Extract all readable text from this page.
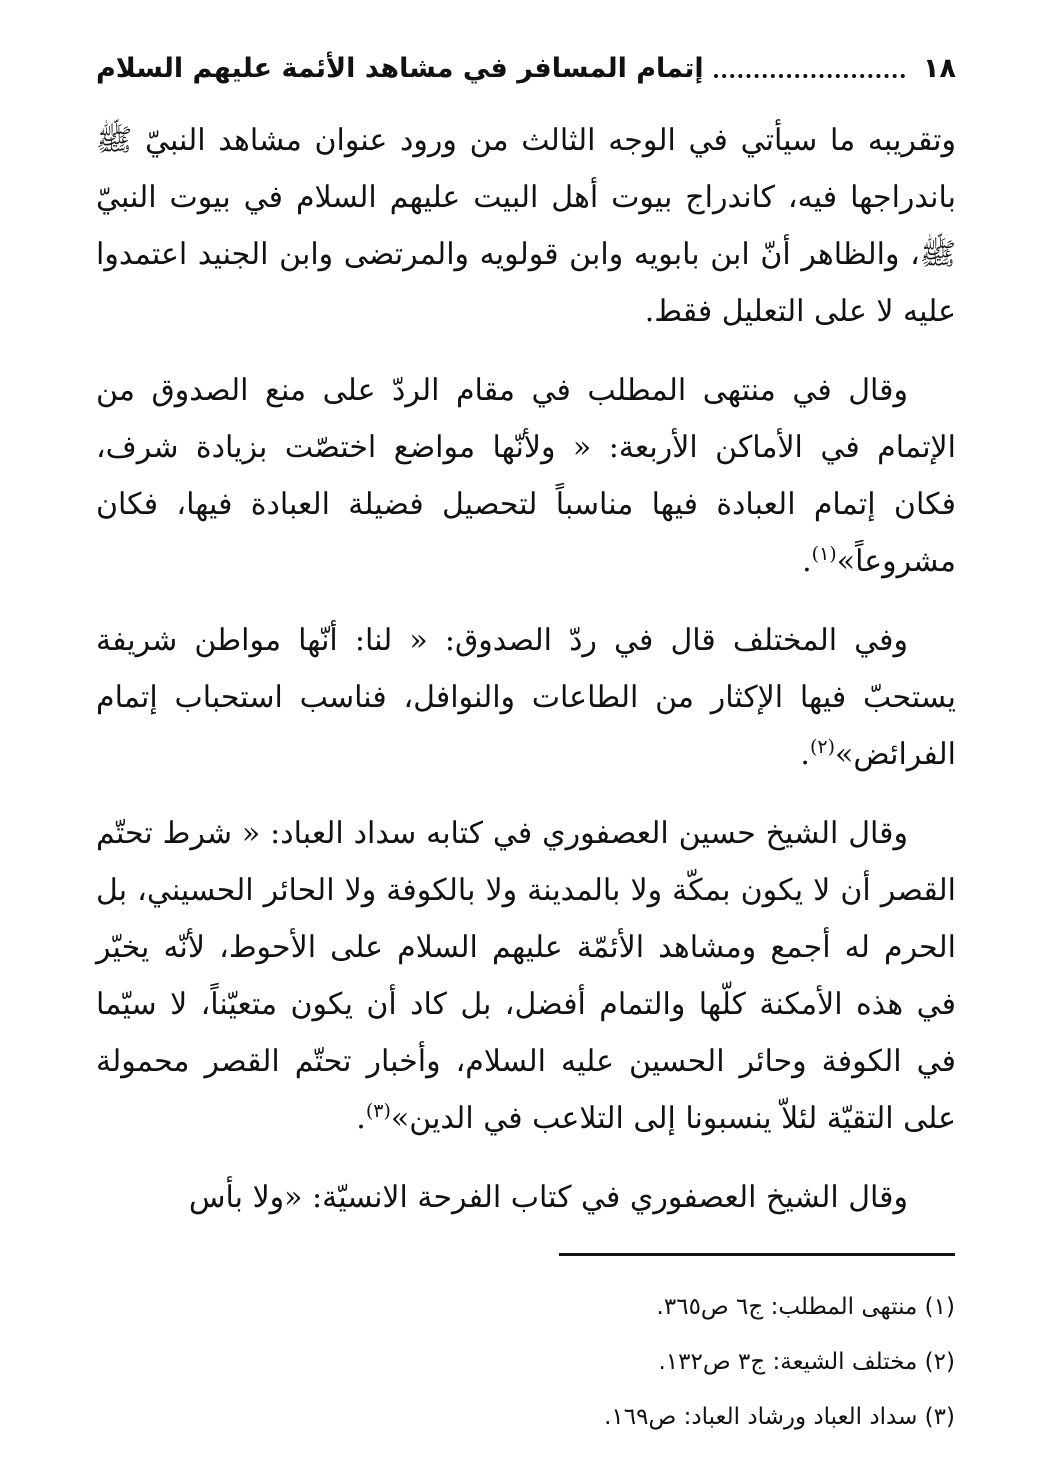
١٨
إتمام المسافر في مشاهد الأئمة عليهم السلام

وتقريبه ما سيأتي في الوجه الثالث من ورود عنوان مشاهد النبيّ ﷺ باندراجها فيه، كاندراج بيوت أهل البيت عليهم السلام في بيوت النبيّ ﷺ، والظاهر أنّ ابن بابويه وابن قولويه والمرتضى وابن الجنيد اعتمدوا عليه لا على التعليل فقط.

وقال في منتهى المطلب في مقام الردّ على منع الصدوق من الإتمام في الأماكن الأربعة: « ولأنّها مواضع اختصّت بزيادة شرف، فكان إتمام العبادة فيها مناسباً لتحصيل فضيلة العبادة فيها، فكان مشروعاً»$^{(١)}$.

وفي المختلف قال في ردّ الصدوق: « لنا: أنّها مواطن شريفة يستحبّ فيها الإكثار من الطاعات والنوافل، فناسب استحباب إتمام الفرائض»$^{(٢)}$.

وقال الشيخ حسين العصفوري في كتابه سداد العباد: « شرط تحتّم القصر أن لا يكون بمكّة ولا بالمدينة ولا بالكوفة ولا الحائر الحسيني، بل الحرم له أجمع ومشاهد الأئمّة عليهم السلام على الأحوط، لأنّه يخيّر في هذه الأمكنة كلّها والتمام أفضل، بل كاد أن يكون متعيّناً، لا سيّما في الكوفة وحائر الحسين عليه السلام، وأخبار تحتّم القصر محمولة على التقيّة لئلاّ ينسبونا إلى التلاعب في الدين»$^{(٣)}$.

وقال الشيخ العصفوري في كتاب الفرحة الانسيّة: «ولا بأس

(١) منتهى المطلب: ج٦ ص٣٦٥.

(٢) مختلف الشيعة: ج٣ ص١٣٢.

(٣) سداد العباد ورشاد العباد: ص١٦٩.
